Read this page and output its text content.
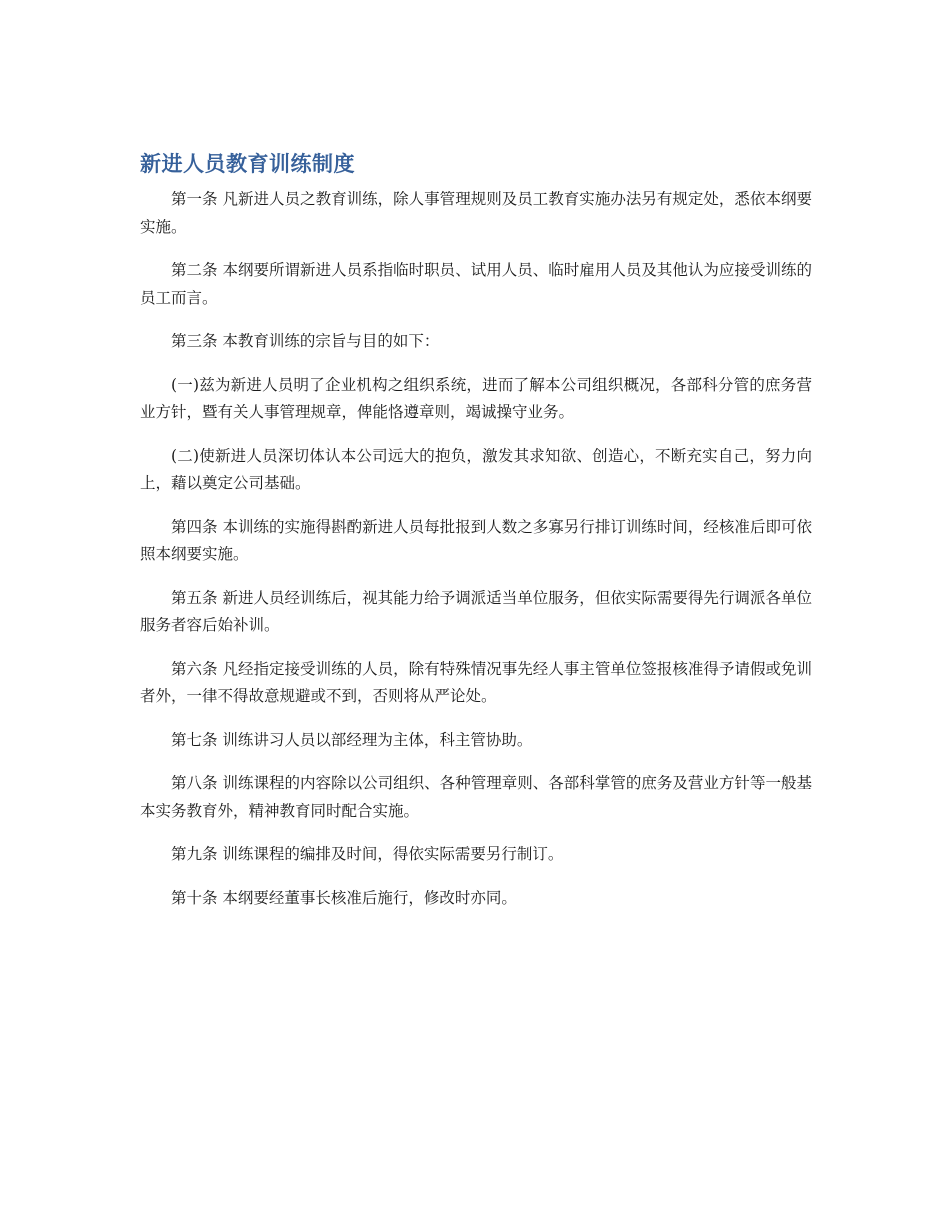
新进人员教育训练制度

第一条 凡新进人员之教育训练，除人事管理规则及员工教育实施办法另有规定处，悉依本纲要实施。

第二条 本纲要所谓新进人员系指临时职员、试用人员、临时雇用人员及其他认为应接受训练的员工而言。

第三条 本教育训练的宗旨与目的如下：

(一)兹为新进人员明了企业机构之组织系统，进而了解本公司组织概况，各部科分管的庶务营业方针，暨有关人事管理规章，俾能恪遵章则，竭诚操守业务。

(二)使新进人员深切体认本公司远大的抱负，激发其求知欲、创造心，不断充实自己，努力向上，藉以奠定公司基础。

第四条 本训练的实施得斟酌新进人员每批报到人数之多寡另行排订训练时间，经核准后即可依照本纲要实施。

第五条 新进人员经训练后，视其能力给予调派适当单位服务，但依实际需要得先行调派各单位服务者容后始补训。

第六条 凡经指定接受训练的人员，除有特殊情况事先经人事主管单位签报核准得予请假或免训者外，一律不得故意规避或不到，否则将从严论处。

第七条 训练讲习人员以部经理为主体，科主管协助。

第八条 训练课程的内容除以公司组织、各种管理章则、各部科掌管的庶务及营业方针等一般基本实务教育外，精神教育同时配合实施。

第九条 训练课程的编排及时间，得依实际需要另行制订。

第十条 本纲要经董事长核准后施行，修改时亦同。
